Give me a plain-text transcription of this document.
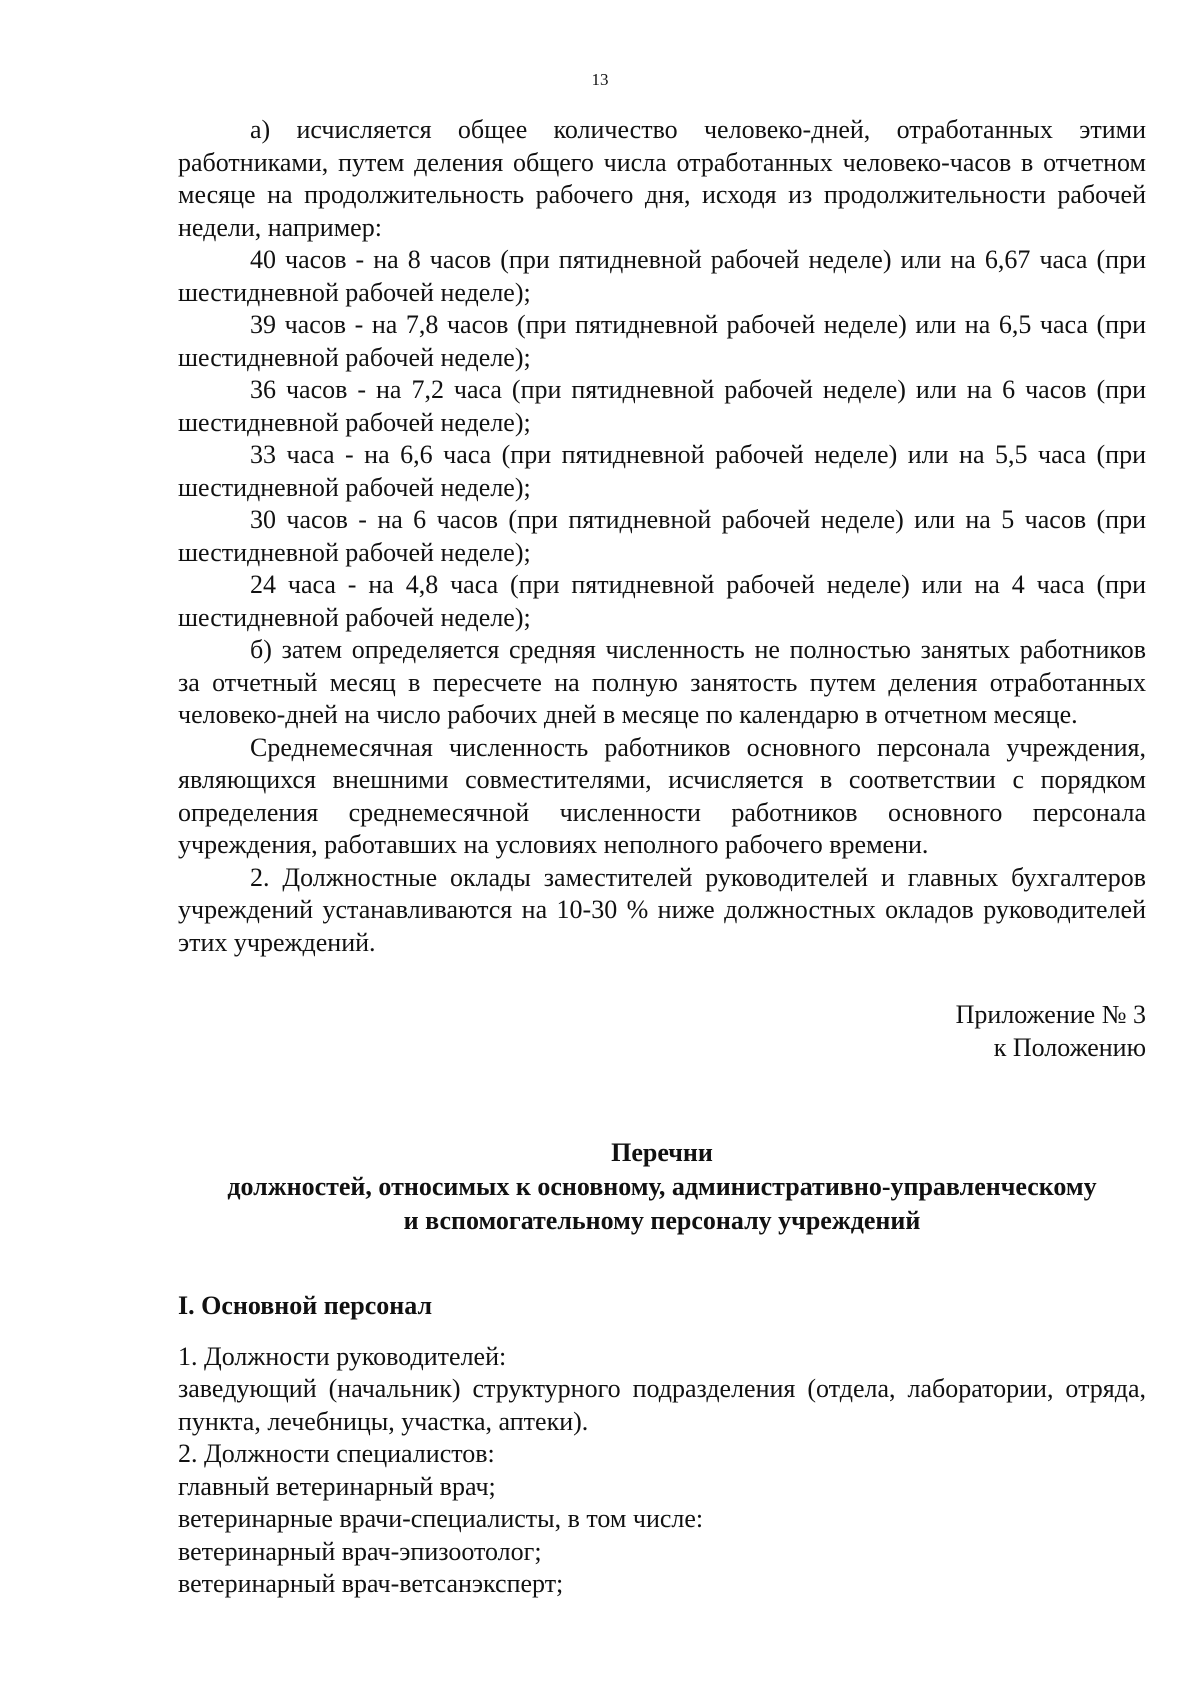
13

а) исчисляется общее количество человеко-дней, отработанных этими работниками, путем деления общего числа отработанных человеко-часов в отчетном месяце на продолжительность рабочего дня, исходя из продолжительности рабочей недели, например:

40 часов - на 8 часов (при пятидневной рабочей неделе) или на 6,67 часа (при шестидневной рабочей неделе);

39 часов - на 7,8 часов (при пятидневной рабочей неделе) или на 6,5 часа (при шестидневной рабочей неделе);

36 часов - на 7,2 часа (при пятидневной рабочей неделе) или на 6 часов (при шестидневной рабочей неделе);

33 часа - на 6,6 часа (при пятидневной рабочей неделе) или на 5,5 часа (при шестидневной рабочей неделе);

30 часов - на 6 часов (при пятидневной рабочей неделе) или на 5 часов (при шестидневной рабочей неделе);

24 часа - на 4,8 часа (при пятидневной рабочей неделе) или на 4 часа (при шестидневной рабочей неделе);

б) затем определяется средняя численность не полностью занятых работников за отчетный месяц в пересчете на полную занятость путем деления отработанных человеко-дней на число рабочих дней в месяце по календарю в отчетном месяце.

Среднемесячная численность работников основного персонала учреждения, являющихся внешними совместителями, исчисляется в соответствии с порядком определения среднемесячной численности работников основного персонала учреждения, работавших на условиях неполного рабочего времени.

2. Должностные оклады заместителей руководителей и главных бухгалтеров учреждений устанавливаются на 10-30 % ниже должностных окладов руководителей этих учреждений.

Приложение № 3

к Положению

Перечни

должностей, относимых к основному, административно-управленческому

и вспомогательному персоналу учреждений

I. Основной персонал

1. Должности руководителей:

заведующий (начальник) структурного подразделения (отдела, лаборатории, отряда, пункта, лечебницы, участка, аптеки).

2. Должности специалистов:

главный ветеринарный врач;

ветеринарные врачи-специалисты, в том числе:

ветеринарный врач-эпизоотолог;

ветеринарный врач-ветсанэксперт;
